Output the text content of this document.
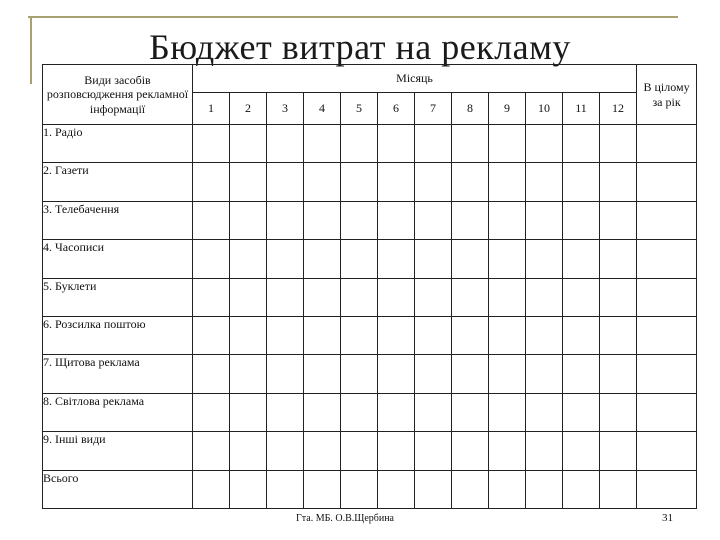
Бюджет витрат на рекламу
Види засобів розповсюдження рекламної інформації	Місяць												В цілому за рік
	1	2	3	4	5	6	7	8	9	10	11	12	
1. Радіо													
2. Газети													
3. Телебачення													
4. Часописи													
5. Буклети													
6. Розсилка поштою													
7. Щитова реклама													
8. Світлова реклама													
9. Інші види													
Всього													
Гта. МБ. О.В.Щербина	31
